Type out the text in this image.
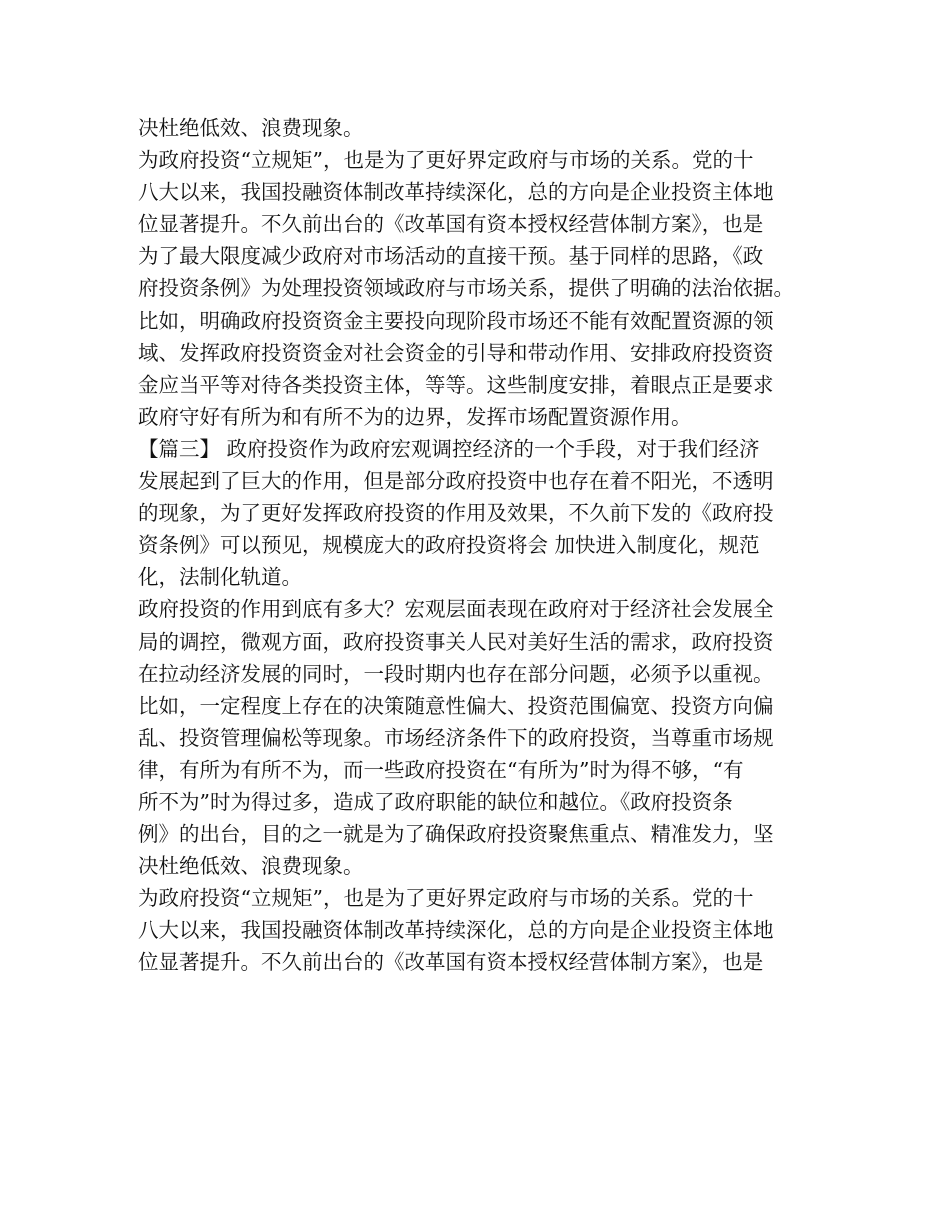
决杜绝低效、浪费现象。
为政府投资“立规矩”，也是为了更好界定政府与市场的关系。党的十
八大以来，我国投融资体制改革持续深化，总的方向是企业投资主体地
位显著提升。不久前出台的《改革国有资本授权经营体制方案》，也是
为了最大限度减少政府对市场活动的直接干预。基于同样的思路，《政
府投资条例》为处理投资领域政府与市场关系，提供了明确的法治依据。
比如，明确政府投资资金主要投向现阶段市场还不能有效配置资源的领
域、发挥政府投资资金对社会资金的引导和带动作用、安排政府投资资
金应当平等对待各类投资主体，等等。这些制度安排，着眼点正是要求
政府守好有所为和有所不为的边界，发挥市场配置资源作用。
【篇三】 政府投资作为政府宏观调控经济的一个手段，对于我们经济
发展起到了巨大的作用，但是部分政府投资中也存在着不阳光，不透明
的现象，为了更好发挥政府投资的作用及效果，不久前下发的《政府投
资条例》可以预见，规模庞大的政府投资将会 加快进入制度化，规范
化，法制化轨道。
政府投资的作用到底有多大？宏观层面表现在政府对于经济社会发展全
局的调控，微观方面，政府投资事关人民对美好生活的需求，政府投资
在拉动经济发展的同时，一段时期内也存在部分问题，必须予以重视。
比如，一定程度上存在的决策随意性偏大、投资范围偏宽、投资方向偏
乱、投资管理偏松等现象。市场经济条件下的政府投资，当尊重市场规
律，有所为有所不为，而一些政府投资在“有所为”时为得不够，“有
所不为”时为得过多，造成了政府职能的缺位和越位。《政府投资条
例》的出台，目的之一就是为了确保政府投资聚焦重点、精准发力，坚
决杜绝低效、浪费现象。
为政府投资“立规矩”，也是为了更好界定政府与市场的关系。党的十
八大以来，我国投融资体制改革持续深化，总的方向是企业投资主体地
位显著提升。不久前出台的《改革国有资本授权经营体制方案》，也是
